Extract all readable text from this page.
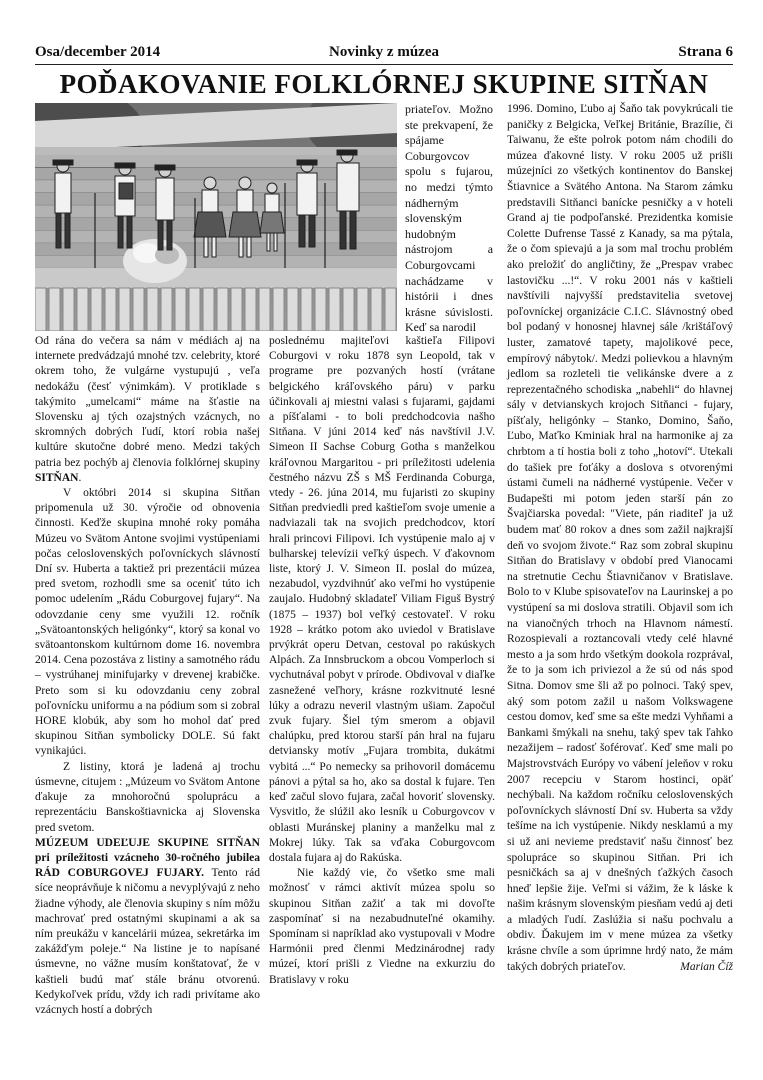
Osa/december 2014	Novinky z múzea	Strana 6
POĎAKOVANIE FOLKLÓRNEJ SKUPINE SITŇAN

priateľov. Možno ste prekvapení, že spájame Coburgovcov spolu s fujarou, no medzi týmto nádherným slovenským hudobným nástrojom a Coburgovcami nachádzame v histórii i dnes krásne súvislosti. Keď sa narodil

Od rána do večera sa nám v médiách aj na internete predvádzajú mnohé tzv. celebrity, ktoré okrem toho, že vulgárne vystupujú , veľa nedokážu (česť výnimkám). V protiklade s takýmito „umelcami“ máme na šťastie na Slovensku aj tých ozajstných vzácnych, no skromných dobrých ľudí, ktorí robia našej kultúre skutočne dobré meno. Medzi takých patria bez pochýb aj členovia folklórnej skupiny SITŇAN.

V októbri 2014 si skupina Sitňan pripomenula už 30. výročie od obnovenia činnosti. Keďže skupina mnohé roky pomáha Múzeu vo Svätom Antone svojimi vystúpeniami počas celoslovenských poľovníckych slávností Dní sv. Huberta a taktiež pri prezentácii múzea pred svetom, rozhodli sme sa oceniť túto ich pomoc udelením „Rádu Coburgovej fujary“. Na odovzdanie ceny sme využili 12. ročník „Svätoantonských heligónky“, ktorý sa konal vo svätoantonskom kultúrnom dome 16. novembra 2014. Cena pozostáva z listiny a samotného rádu – vystrúhanej minifujarky v drevenej krabičke. Preto som si ku odovzdaniu ceny zobral poľovnícku uniformu a na pódium som si zobral HORE klobúk, aby som ho mohol dať pred skupinou Sitňan symbolicky DOLE. Sú fakt vynikajúci.

Z listiny, ktorá je ladená aj trochu úsmevne, citujem : „Múzeum vo Svätom Antone ďakuje za mnohoročnú spoluprácu a reprezentáciu Banskoštiavnicka aj Slovenska pred svetom.

MÚZEUM UDEĽUJE SKUPINE SITŇAN pri príležitosti vzácneho 30-ročného jubilea RÁD COBURGOVEJ FUJARY. Tento rád síce neoprávňuje k ničomu a nevyplývajú z neho žiadne výhody, ale členovia skupiny s ním môžu machrovať pred ostatnými skupinami a ak sa ním preukážu v kancelárii múzea, sekretárka im zakážďym poleje.“ Na listine je to napísané úsmevne, no vážne musím konštatovať, že v kaštieli budú mať stále bránu otvorenú. Kedykoľvek prídu, vždy ich radi privítame ako vzácnych hostí a dobrých

poslednému majiteľovi kaštieľa Filipovi Coburgovi v roku 1878 syn Leopold, tak v programe pre pozvaných hostí (vrátane belgického kráľovského páru) v parku účinkovali aj miestni valasi s fujarami, gajdami a píšťalami - to boli predchodcovia našho Sitňana. V júni 2014 keď nás navštívil J.V. Simeon II Sachse Coburg Gotha s manželkou kráľovnou Margaritou - pri príležitosti udelenia čestného názvu ZŠ s MŠ Ferdinanda Coburga, vtedy - 26. júna 2014, mu fujaristi zo skupiny Sitňan predviedli pred kaštieľom svoje umenie a nadviazali tak na svojich predchodcov, ktorí hrali princovi Filipovi. Ich vystúpenie malo aj v bulharskej televízii veľký úspech. V ďakovnom liste, ktorý J. V. Simeon II. poslal do múzea, nezabudol, vyzdvihnúť ako veľmi ho vystúpenie zaujalo. Hudobný skladateľ Viliam Figuš Bystrý (1875 – 1937) bol veľký cestovateľ. V roku 1928 – krátko potom ako uviedol v Bratislave prvýkrát operu Detvan, cestoval po rakúskych Alpách. Za Innsbruckom a obcou Vomperloch si vychutnával pobyt v prírode. Obdivoval v diaľke zasnežené veľhory, krásne rozkvitnuté lesné lúky a odrazu neveril vlastným ušiam. Započul zvuk fujary. Šiel tým smerom a objavil chalúpku, pred ktorou starší pán hral na fujaru detviansky motív „Fujara trombita, dukátmi vybitá ...“ Po nemecky sa prihovoril domácemu pánovi a pýtal sa ho, ako sa dostal k fujare. Ten keď začul slovo fujara, začal hovoriť slovensky. Vysvitlo, že slúžil ako lesník u Coburgovcov v oblasti Muránskej planiny a manželku mal z Mokrej lúky. Tak sa vďaka Coburgovcom dostala fujara aj do Rakúska.

Nie každý vie, čo všetko sme mali možnosť v rámci aktivít múzea spolu so skupinou Sitňan zažiť a tak mi dovoľte zaspomínať si na nezabudnuteľné okamihy. Spomínam si napríklad ako vystupovali v Modre Harmónii pred členmi Medzinárodnej rady múzeí, ktorí prišli z Viedne na exkurziu do Bratislavy v roku

1996. Domino, Ľubo aj Šaňo tak povykrúcali tie paničky z Belgicka, Veľkej Británie, Brazílie, či Taiwanu, že ešte polrok potom nám chodili do múzea ďakovné listy. V roku 2005 už prišli múzejníci zo všetkých kontinentov do Banskej Štiavnice a Svätého Antona. Na Starom zámku predstavili Sitňanci banícke pesničky a v hoteli Grand aj tie podpoľanské. Prezidentka komisie Colette Dufrense Tassé z Kanady, sa ma pýtala, že o čom spievajú a ja som mal trochu problém ako preložiť do angličtiny, že „Prespav vrabec lastovičku ...!“. V roku 2001 nás v kaštieli navštívili najvyšší predstavitelia svetovej poľovníckej organizácie C.I.C. Slávnostný obed bol podaný v honosnej hlavnej sále /krištáľový luster, zamatové tapety, majolikové pece, empírový nábytok/. Medzi polievkou a hlavným jedlom sa rozleteli tie velikánske dvere a z reprezentačného schodiska „nabehli“ do hlavnej sály v detvianskych krojoch Sitňanci - fujary, píšťaly, heligónky – Stanko, Domino, Šaňo, Ľubo, Maťko Kminiak hral na harmonike aj za chrbtom a tí hostia boli z toho „hotoví“. Utekali do tašiek pre foťáky a doslova s otvorenými ústami čumeli na nádherné vystúpenie. Večer v Budapešti mi potom jeden starší pán zo Švajčiarska povedal: "Viete, pán riaditeľ ja už budem mať 80 rokov a dnes som zažil najkrajší deň vo svojom živote.“ Raz som zobral skupinu Sitňan do Bratislavy v období pred Vianocami na stretnutie Cechu Štiavničanov v Bratislave. Bolo to v Klube spisovateľov na Laurinskej a po vystúpení sa mi doslova stratili. Objavil som ich na vianočných trhoch na Hlavnom námestí. Rozospievali a roztancovali vtedy celé hlavné mesto a ja som hrdo všetkým dookola rozprával, že to ja som ich priviezol a že sú od nás spod Sitna. Domov sme šli až po polnoci. Taký spev, aký som potom zažil u našom Volkswagene cestou domov, keď sme sa ešte medzi Vyhňami a Bankami šmýkali na snehu, taký spev tak ľahko nezažijem – radosť šoférovať. Keď sme mali po Majstrovstvách Európy vo vábení jeleňov v roku 2007 recepciu v Starom hostinci, opäť nechýbali. Na každom ročníku celoslovenských poľovníckych slávností Dní sv. Huberta sa vždy tešíme na ich vystúpenie. Nikdy nesklamú a my si už ani nevieme predstaviť našu činnosť bez spolupráce so skupinou Sitňan. Pri ich pesničkách sa aj v dnešných ťažkých časoch hneď lepšie žije. Veľmi si vážim, že k láske k našim krásnym slovenským piesňam vedú aj deti a mladých ľudí. Zaslúžia si našu pochvalu a obdiv. Ďakujem im v mene múzea za všetky krásne chvíle a som úprimne hrdý nato, že mám takých dobrých priateľov.	Marian Číž
